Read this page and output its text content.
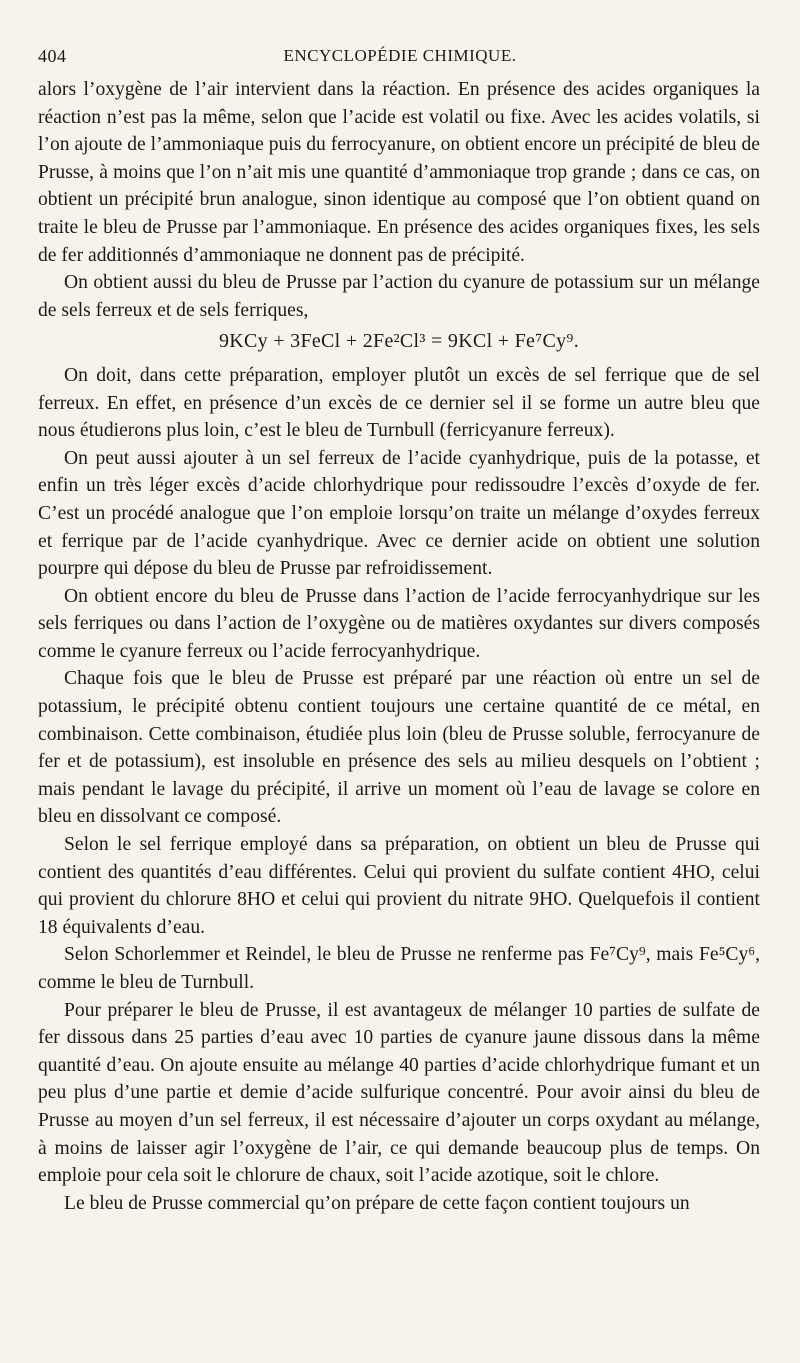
404	ENCYCLOPÉDIE CHIMIQUE.

alors l’oxygène de l’air intervient dans la réaction. En présence des acides organiques la réaction n’est pas la même, selon que l’acide est volatil ou fixe. Avec les acides volatils, si l’on ajoute de l’ammoniaque puis du ferrocyanure, on obtient encore un précipité de bleu de Prusse, à moins que l’on n’ait mis une quantité d’ammoniaque trop grande ; dans ce cas, on obtient un précipité brun analogue, sinon identique au composé que l’on obtient quand on traite le bleu de Prusse par l’ammoniaque. En présence des acides organiques fixes, les sels de fer additionnés d’ammoniaque ne donnent pas de précipité.

On obtient aussi du bleu de Prusse par l’action du cyanure de potassium sur un mélange de sels ferreux et de sels ferriques,

9KCy + 3FeCl + 2Fe²Cl³ = 9KCl + Fe⁷Cy⁹.

On doit, dans cette préparation, employer plutôt un excès de sel ferrique que de sel ferreux. En effet, en présence d’un excès de ce dernier sel il se forme un autre bleu que nous étudierons plus loin, c’est le bleu de Turnbull (ferricyanure ferreux).

On peut aussi ajouter à un sel ferreux de l’acide cyanhydrique, puis de la potasse, et enfin un très léger excès d’acide chlorhydrique pour redissoudre l’excès d’oxyde de fer. C’est un procédé analogue que l’on emploie lorsqu’on traite un mélange d’oxydes ferreux et ferrique par de l’acide cyanhydrique. Avec ce dernier acide on obtient une solution pourpre qui dépose du bleu de Prusse par refroidissement.

On obtient encore du bleu de Prusse dans l’action de l’acide ferrocyanhydrique sur les sels ferriques ou dans l’action de l’oxygène ou de matières oxydantes sur divers composés comme le cyanure ferreux ou l’acide ferrocyanhydrique.

Chaque fois que le bleu de Prusse est préparé par une réaction où entre un sel de potassium, le précipité obtenu contient toujours une certaine quantité de ce métal, en combinaison. Cette combinaison, étudiée plus loin (bleu de Prusse soluble, ferrocyanure de fer et de potassium), est insoluble en présence des sels au milieu desquels on l’obtient ; mais pendant le lavage du précipité, il arrive un moment où l’eau de lavage se colore en bleu en dissolvant ce composé.

Selon le sel ferrique employé dans sa préparation, on obtient un bleu de Prusse qui contient des quantités d’eau différentes. Celui qui provient du sulfate contient 4HO, celui qui provient du chlorure 8HO et celui qui provient du nitrate 9HO. Quelquefois il contient 18 équivalents d’eau.

Selon Schorlemmer et Reindel, le bleu de Prusse ne renferme pas Fe⁷Cy⁹, mais Fe⁵Cy⁶, comme le bleu de Turnbull.

Pour préparer le bleu de Prusse, il est avantageux de mélanger 10 parties de sulfate de fer dissous dans 25 parties d’eau avec 10 parties de cyanure jaune dissous dans la même quantité d’eau. On ajoute ensuite au mélange 40 parties d’acide chlorhydrique fumant et un peu plus d’une partie et demie d’acide sulfurique concentré. Pour avoir ainsi du bleu de Prusse au moyen d’un sel ferreux, il est nécessaire d’ajouter un corps oxydant au mélange, à moins de laisser agir l’oxygène de l’air, ce qui demande beaucoup plus de temps. On emploie pour cela soit le chlorure de chaux, soit l’acide azotique, soit le chlore.

Le bleu de Prusse commercial qu’on prépare de cette façon contient toujours un
